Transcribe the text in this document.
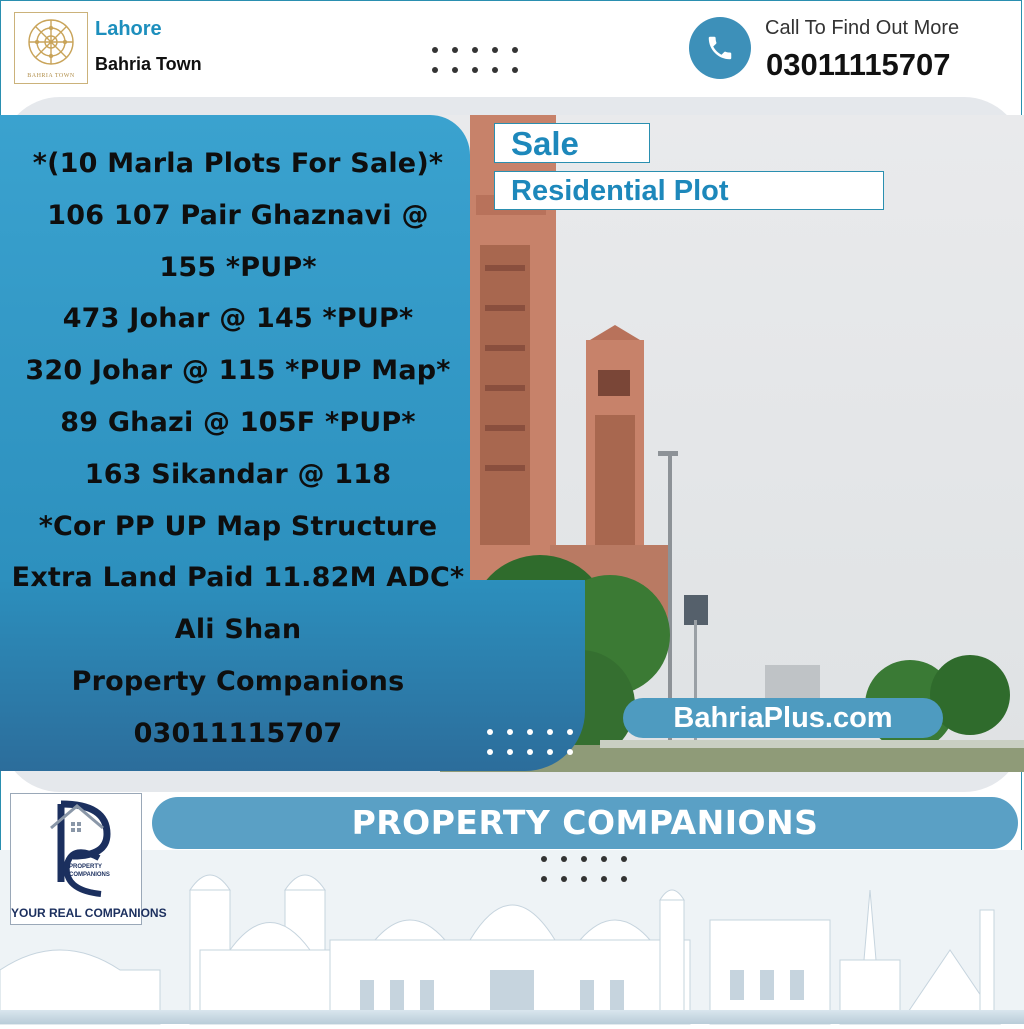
BAHRIA TOWN
Lahore
Bahria Town
Call To Find Out More
03011115707
*(10 Marla Plots For Sale)*
106 107 Pair Ghaznavi @
155 *PUP*
473 Johar @ 145 *PUP*
320 Johar @ 115 *PUP Map*
89 Ghazi @ 105F *PUP*
163 Sikandar @ 118
*Cor PP UP Map Structure
Extra Land Paid 11.82M ADC*
Ali Shan
Property Companions
03011115707
Sale
Residential Plot
BahriaPlus.com
PROPERTY COMPANIONS
PROPERTY
COMPANIONS
YOUR REAL COMPANIONS
